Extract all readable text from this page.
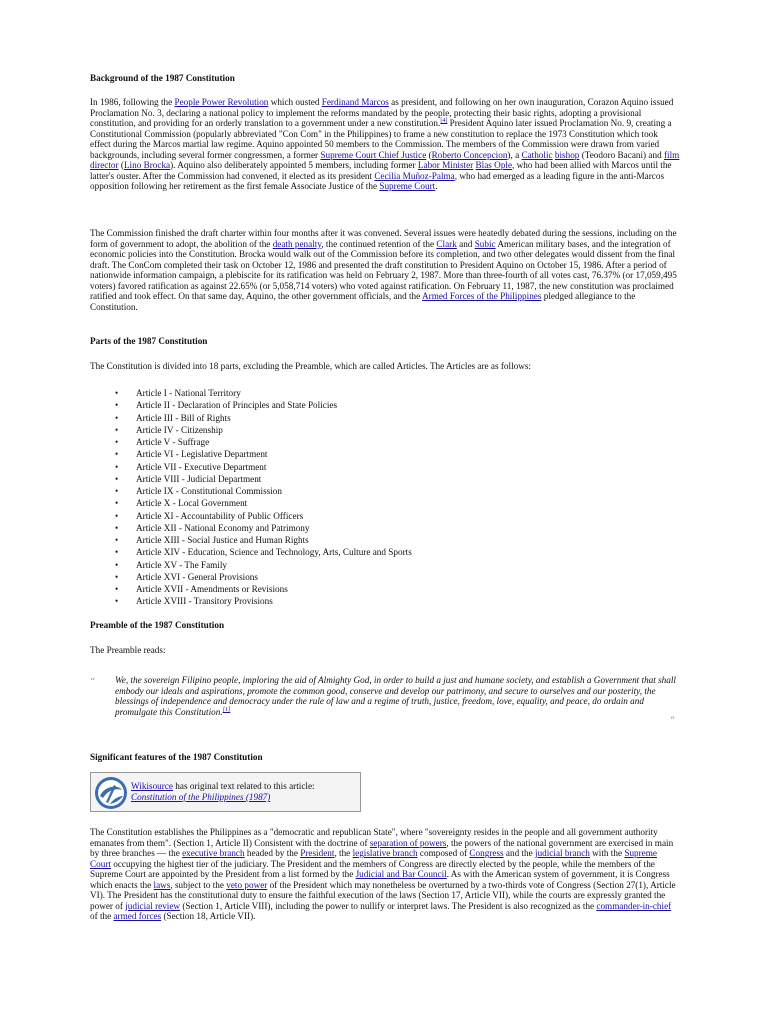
Background of the 1987 Constitution

In 1986, following the People Power Revolution which ousted Ferdinand Marcos as president, and following on her own inauguration, Corazon Aquino issued Proclamation No. 3, declaring a national policy to implement the reforms mandated by the people, protecting their basic rights, adopting a provisional constitution, and providing for an orderly translation to a government under a new constitution.[4] President Aquino later issued Proclamation No. 9, creating a Constitutional Commission (popularly abbreviated "Con Com" in the Philippines) to frame a new constitution to replace the 1973 Constitution which took effect during the Marcos martial law regime. Aquino appointed 50 members to the Commission. The members of the Commission were drawn from varied backgrounds, including several former congressmen, a former Supreme Court Chief Justice (Roberto Concepcion), a Catholic bishop (Teodoro Bacani) and film director (Lino Brocka). Aquino also deliberately appointed 5 members, including former Labor Minister Blas Ople, who had been allied with Marcos until the latter's ouster. After the Commission had convened, it elected as its president Cecilia Muñoz-Palma, who had emerged as a leading figure in the anti-Marcos opposition following her retirement as the first female Associate Justice of the Supreme Court.

The Commission finished the draft charter within four months after it was convened. Several issues were heatedly debated during the sessions, including on the form of government to adopt, the abolition of the death penalty, the continued retention of the Clark and Subic American military bases, and the integration of economic policies into the Constitution. Brocka would walk out of the Commission before its completion, and two other delegates would dissent from the final draft. The ConCom completed their task on October 12, 1986 and presented the draft constitution to President Aquino on October 15, 1986. After a period of nationwide information campaign, a plebiscite for its ratification was held on February 2, 1987. More than three-fourth of all votes cast, 76.37% (or 17,059,495 voters) favored ratification as against 22.65% (or 5,058,714 voters) who voted against ratification. On February 11, 1987, the new constitution was proclaimed ratified and took effect. On that same day, Aquino, the other government officials, and the Armed Forces of the Philippines pledged allegiance to the Constitution.

Parts of the 1987 Constitution

The Constitution is divided into 18 parts, excluding the Preamble, which are called Articles. The Articles are as follows:

• Article I - National Territory
• Article II - Declaration of Principles and State Policies
• Article III - Bill of Rights
• Article IV - Citizenship
• Article V - Suffrage
• Article VI - Legislative Department
• Article VII - Executive Department
• Article VIII - Judicial Department
• Article IX - Constitutional Commission
• Article X - Local Government
• Article XI - Accountability of Public Officers
• Article XII - National Economy and Patrimony
• Article XIII - Social Justice and Human Rights
• Article XIV - Education, Science and Technology, Arts, Culture and Sports
• Article XV - The Family
• Article XVI - General Provisions
• Article XVII - Amendments or Revisions
• Article XVIII - Transitory Provisions
Preamble of the 1987 Constitution

The Preamble reads:

“ We, the sovereign Filipino people, imploring the aid of Almighty God, in order to build a just and humane society, and establish a Government that shall embody our ideals and aspirations, promote the common good, conserve and develop our patrimony, and secure to ourselves and our posterity, the blessings of independence and democracy under the rule of law and a regime of truth, justice, freedom, love, equality, and peace, do ordain and promulgate this Constitution.[1]

”
Significant features of the 1987 Constitution
Wikisource has original text related to this article:
Constitution of the Philippines (1987)

The Constitution establishes the Philippines as a "democratic and republican State", where "sovereignty resides in the people and all government authority emanates from them". (Section 1, Article II) Consistent with the doctrine of separation of powers, the powers of the national government are exercised in main by three branches — the executive branch headed by the President, the legislative branch composed of Congress and the judicial branch with the Supreme Court occupying the highest tier of the judiciary. The President and the members of Congress are directly elected by the people, while the members of the Supreme Court are appointed by the President from a list formed by the Judicial and Bar Council. As with the American system of government, it is Congress which enacts the laws, subject to the veto power of the President which may nonetheless be overturned by a two-thirds vote of Congress (Section 27(1), Article VI). The President has the constitutional duty to ensure the faithful execution of the laws (Section 17, Article VII), while the courts are expressly granted the power of judicial review (Section 1, Article VIII), including the power to nullify or interpret laws. The President is also recognized as the commander-in-chief of the armed forces (Section 18, Article VII).
